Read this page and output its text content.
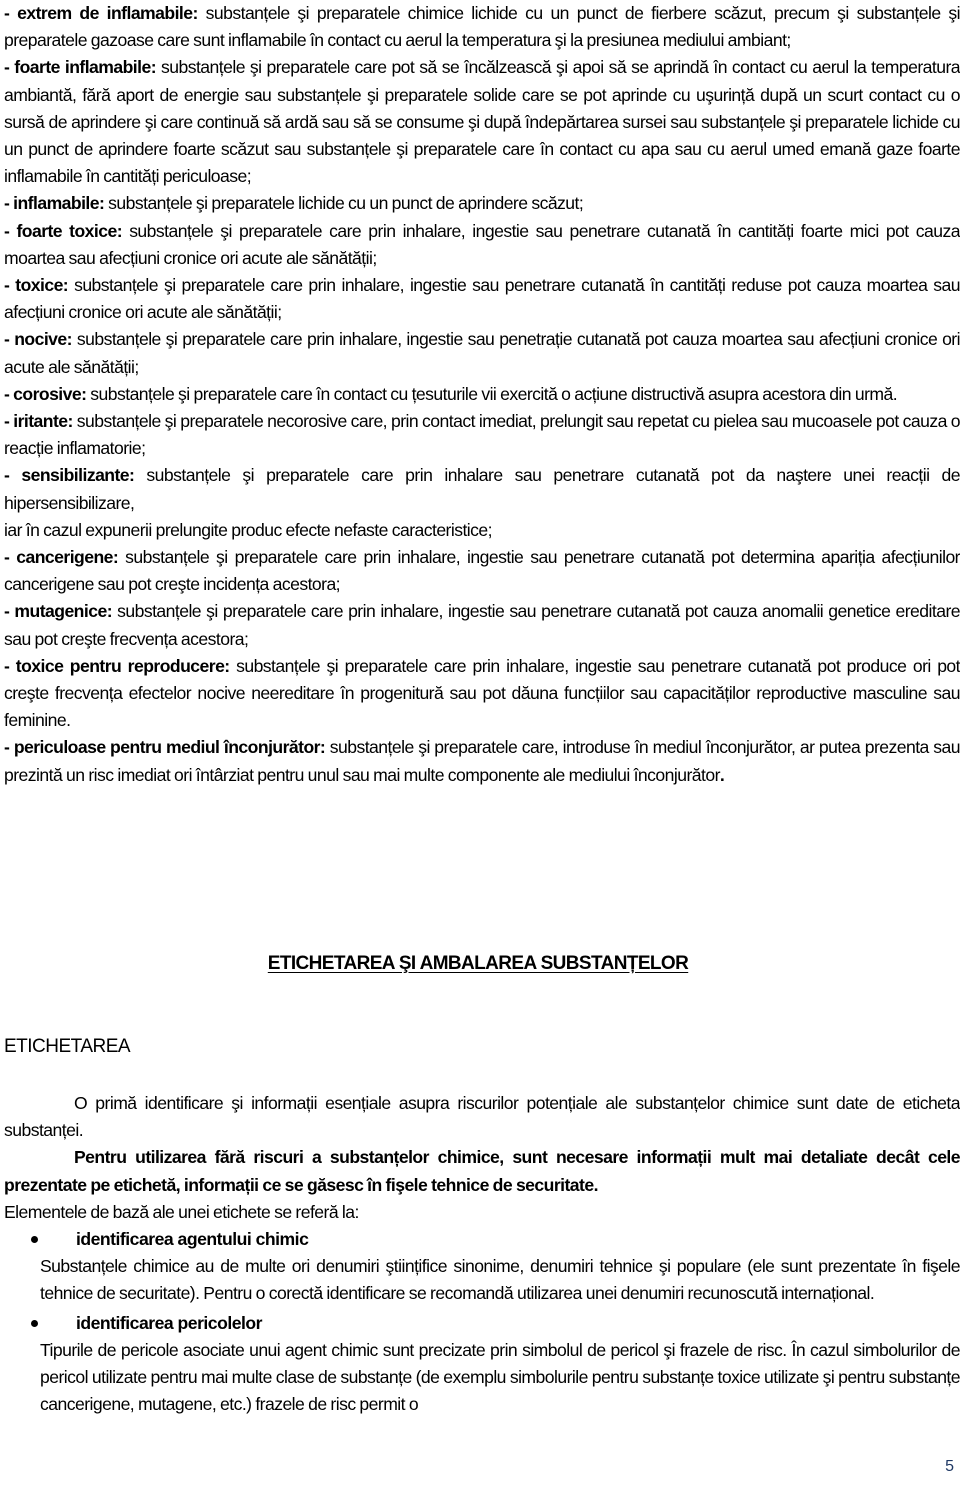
- extrem de inflamabile: substanțele şi preparatele chimice lichide cu un punct de fierbere scăzut, precum şi substanțele şi preparatele gazoase care sunt inflamabile în contact cu aerul la temperatura şi la presiunea mediului ambiant;

- foarte inflamabile: substanțele şi preparatele care pot să se încălzească şi apoi să se aprindă în contact cu aerul la temperatura ambiantă, fără aport de energie sau substanțele şi preparatele solide care se pot aprinde cu uşurință după un scurt contact cu o sursă de aprindere şi care continuă să ardă sau să se consume şi după îndepărtarea sursei sau substanțele şi preparatele lichide cu un punct de aprindere foarte scăzut sau substanțele şi preparatele care în contact cu apa sau cu aerul umed emană gaze foarte inflamabile în cantități periculoase;

- inflamabile: substanțele şi preparatele lichide cu un punct de aprindere scăzut;

- foarte toxice: substanțele şi preparatele care prin inhalare, ingestie sau penetrare cutanată în cantități foarte mici pot cauza moartea sau afecțiuni cronice ori acute ale sănătății;

- toxice: substanțele şi preparatele care prin inhalare, ingestie sau penetrare cutanată în cantități reduse pot cauza moartea sau afecțiuni cronice ori acute ale sănătății;

- nocive: substanțele şi preparatele care prin inhalare, ingestie sau penetrație cutanată pot cauza moartea sau afecțiuni cronice ori acute ale sănătății;

- corosive: substanțele şi preparatele care în contact cu țesuturile vii exercită o acțiune distructivă asupra acestora din urmă.

- iritante: substanțele şi preparatele necorosive care, prin contact imediat, prelungit sau repetat cu pielea sau mucoasele pot cauza o reacție inflamatorie;

- sensibilizante: substanțele şi preparatele care prin inhalare sau penetrare cutanată pot da naştere unei reacții de hipersensibilizare,

iar în cazul expunerii prelungite produc efecte nefaste caracteristice;

- cancerigene: substanțele şi preparatele care prin inhalare, ingestie sau penetrare cutanată pot determina apariția afecțiunilor cancerigene sau pot creşte incidența acestora;

- mutagenice: substanțele şi preparatele care prin inhalare, ingestie sau penetrare cutanată pot cauza anomalii genetice ereditare sau pot creşte frecvența acestora;

- toxice pentru reproducere: substanțele şi preparatele care prin inhalare, ingestie sau penetrare cutanată pot produce ori pot creşte frecvența efectelor nocive neereditare în progenitură sau pot dăuna funcțiilor sau capacităților reproductive masculine sau feminine.

- periculoase pentru mediul înconjurător: substanțele şi preparatele care, introduse în mediul înconjurător, ar putea prezenta sau prezintă un risc imediat ori întârziat pentru unul sau mai multe componente ale mediului înconjurător.

ETICHETAREA ŞI AMBALAREA SUBSTANȚELOR
ETICHETAREA

O primă identificare şi informații esențiale asupra riscurilor potențiale ale substanțelor chimice sunt date de eticheta substanței.

Pentru utilizarea fără riscuri a substanțelor chimice, sunt necesare informații mult mai detaliate decât cele prezentate pe etichetă, informații ce se găsesc în fişele tehnice de securitate.

Elementele de bază ale unei etichete se referă la:

identificarea agentului chimic

Substanțele chimice au de multe ori denumiri ştiințifice sinonime, denumiri tehnice şi populare (ele sunt prezentate în fişele tehnice de securitate). Pentru o corectă identificare se recomandă utilizarea unei denumiri recunoscută internațional.

identificarea pericolelor

Tipurile de pericole asociate unui agent chimic sunt precizate prin simbolul de pericol şi frazele de risc. În cazul simbolurilor de pericol utilizate pentru mai multe clase de substanțe (de exemplu simbolurile pentru substanțe toxice utilizate şi pentru substanțe cancerigene, mutagene, etc.) frazele de risc permit o

5
